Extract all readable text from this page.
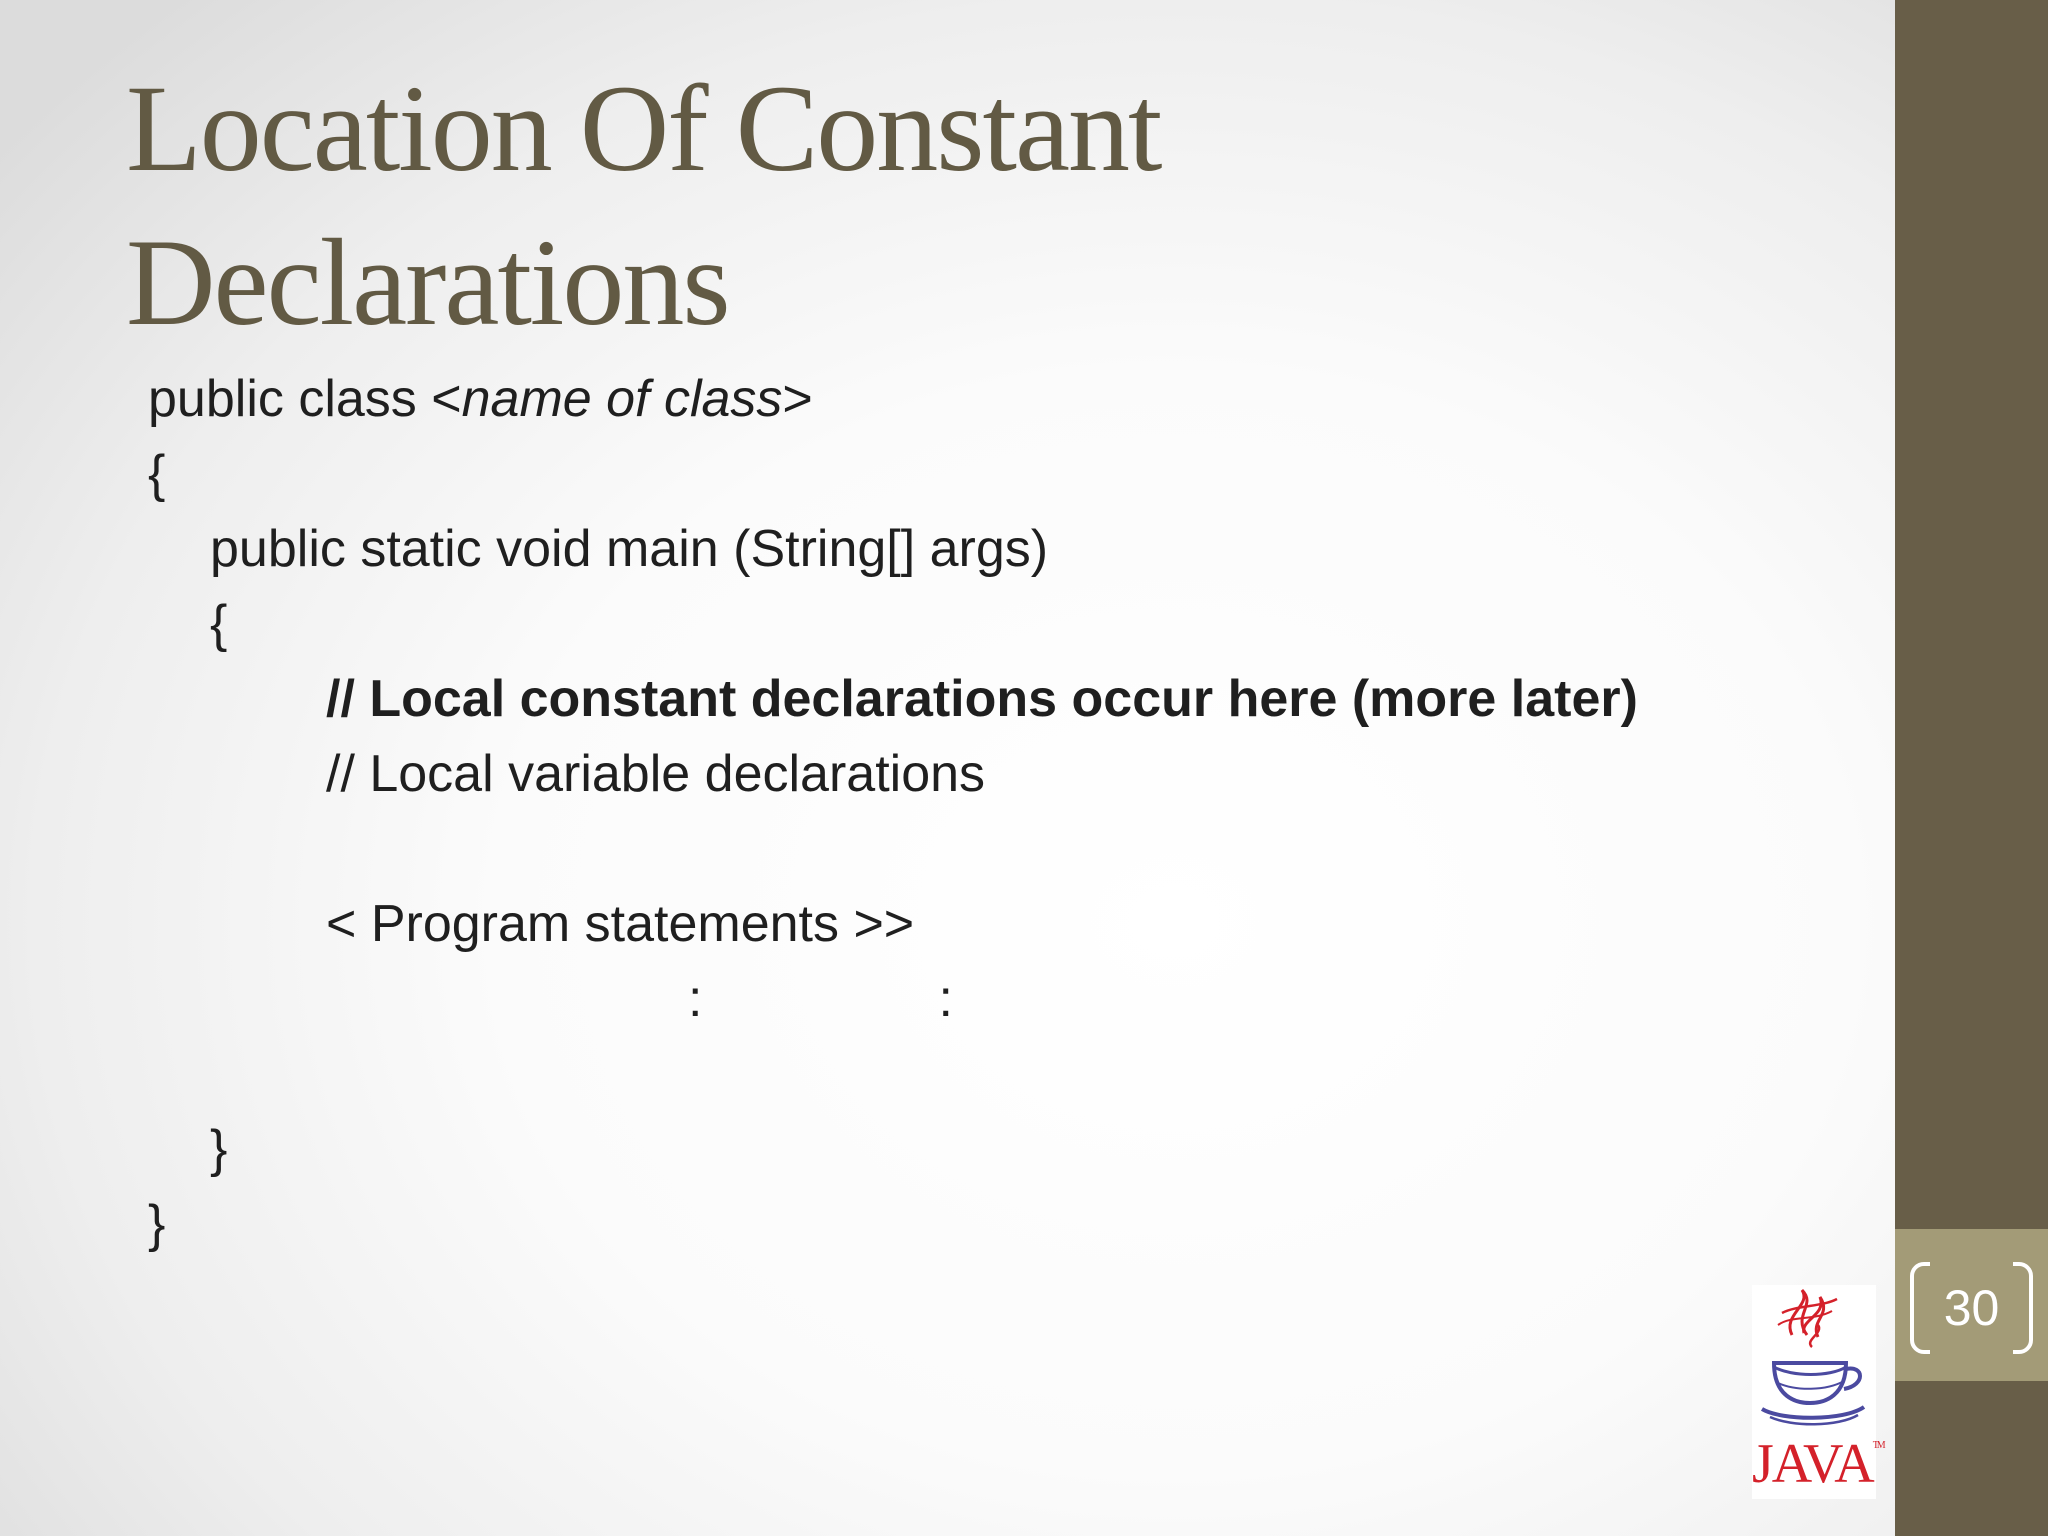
30
Location Of Constant
Declarations
public class <name of class>
{
public static void main (String[] args)
{
// Local constant declarations occur here (more later)
// Local variable declarations
< Program statements >>
:	:
}
}
JAVA™
